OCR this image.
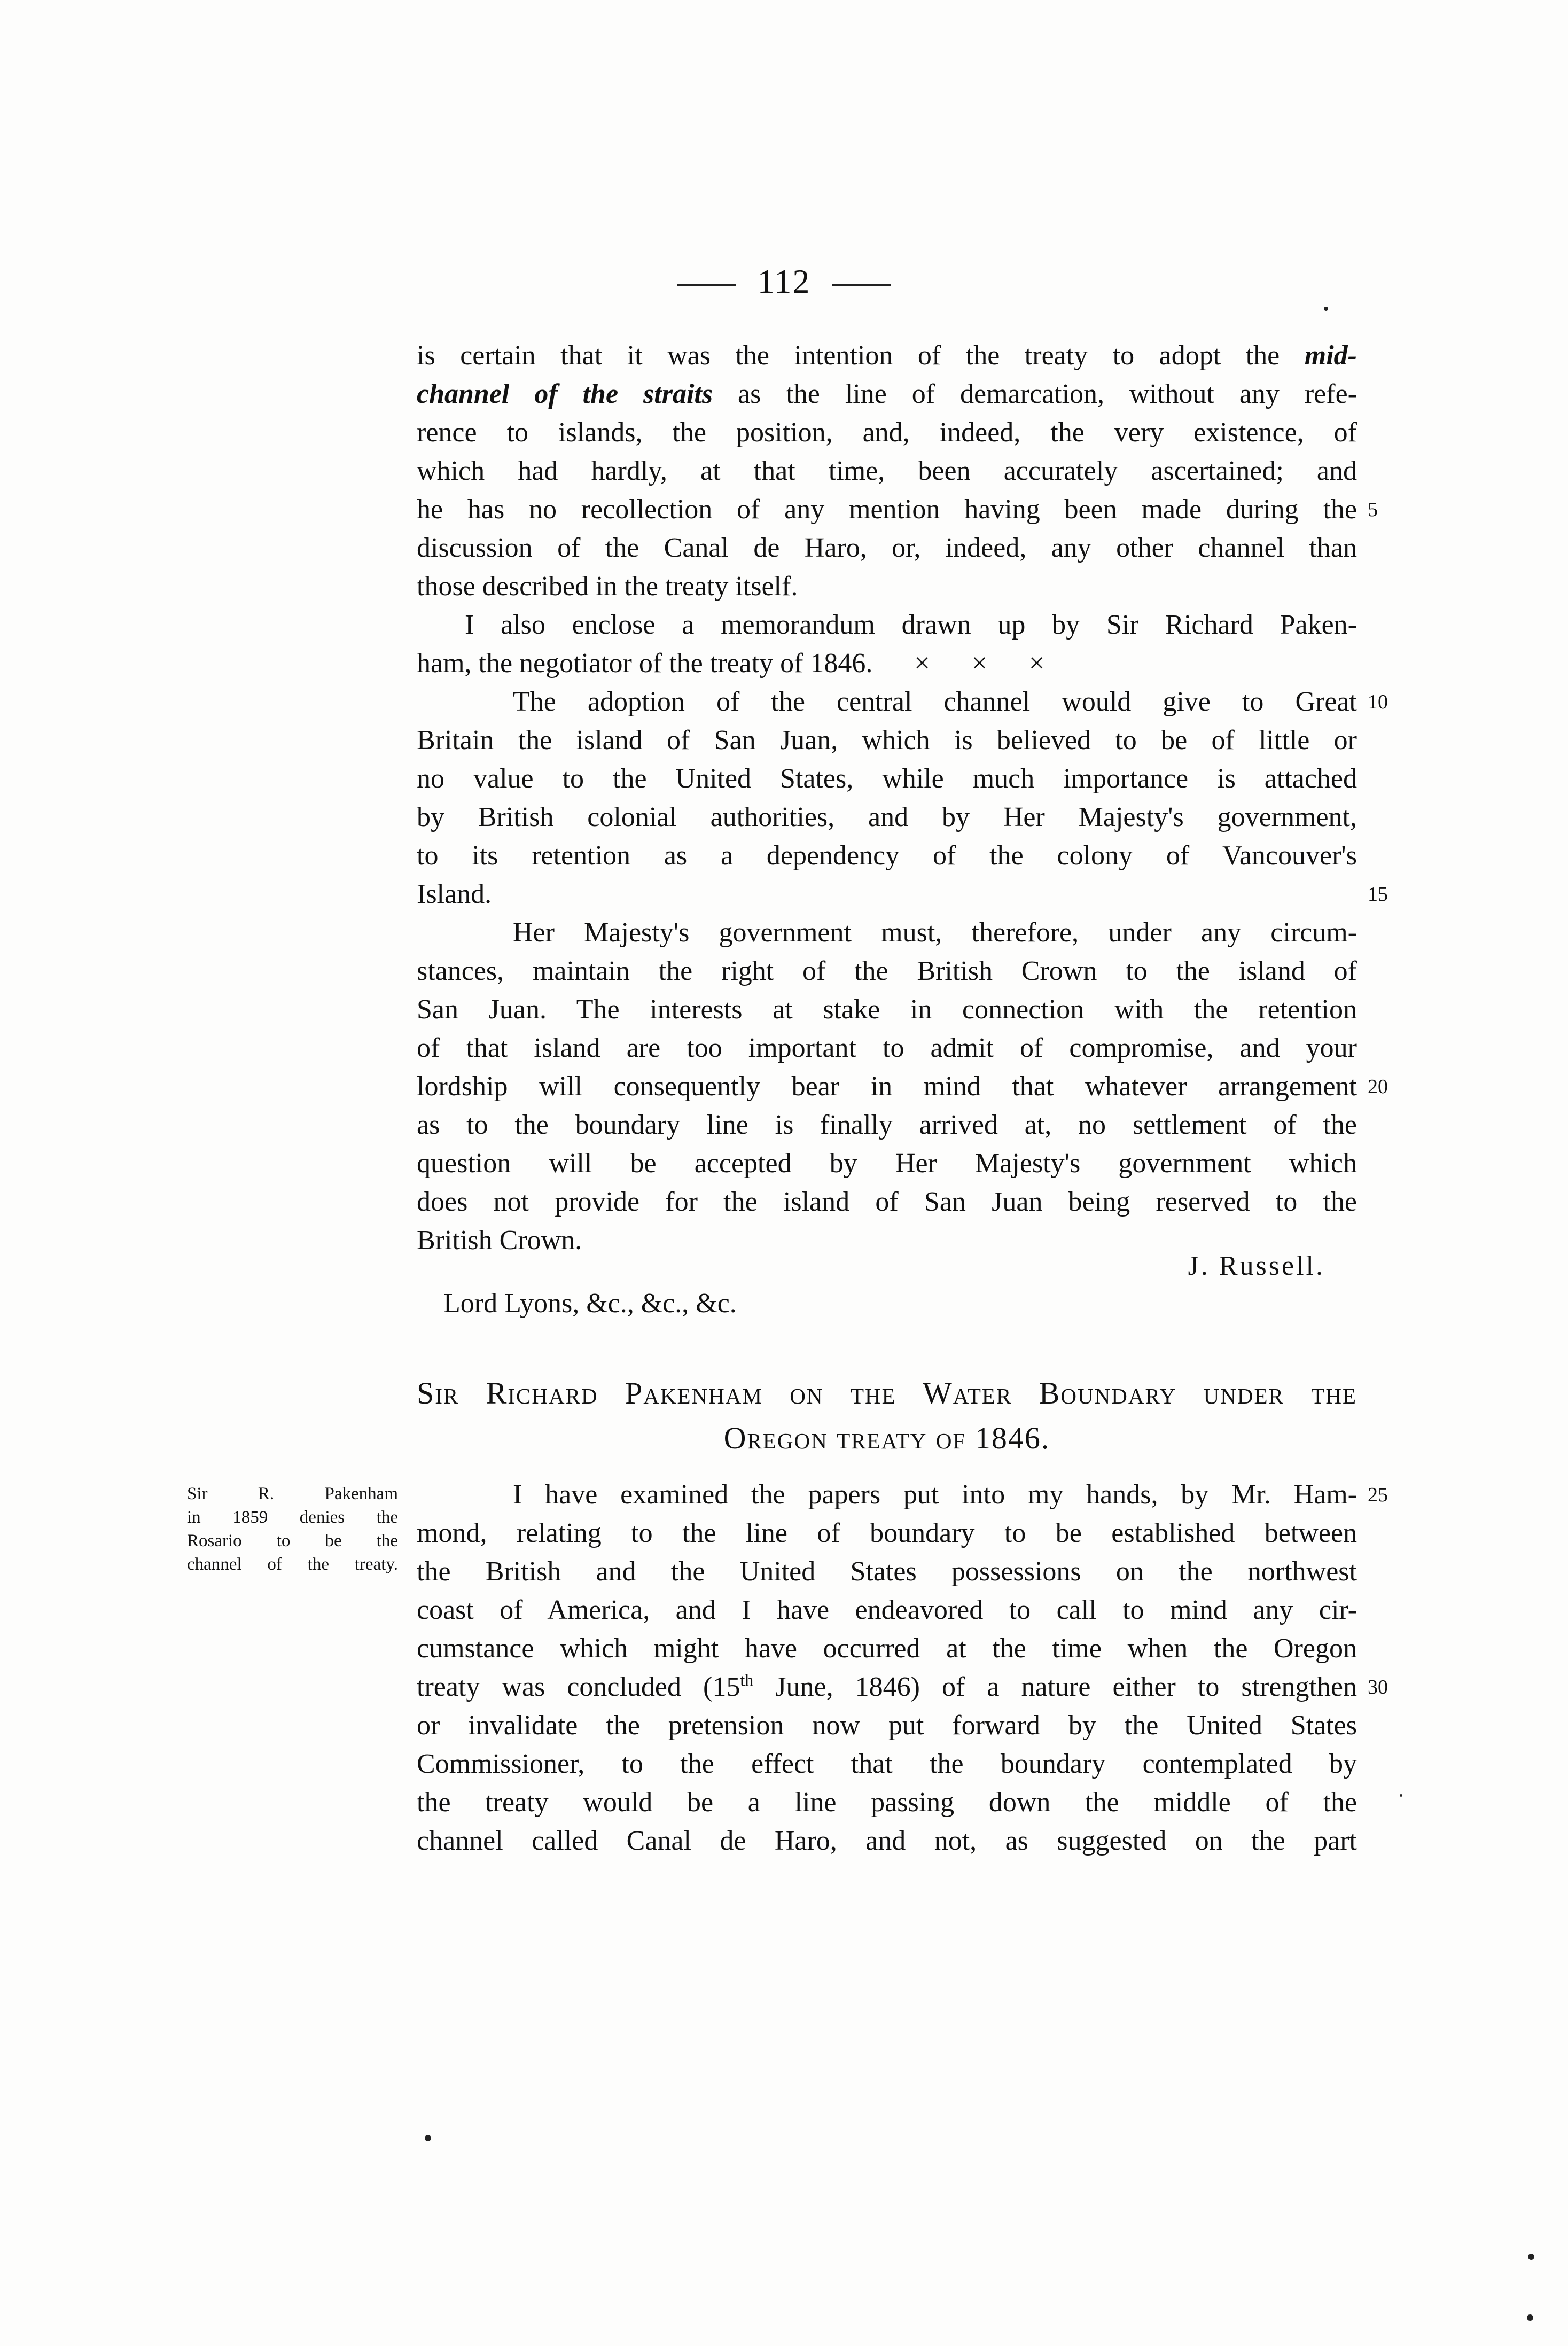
112
is certain that it was the intention of the treaty to adopt the mid-
channel of the straits as the line of demarcation, without any refe-
rence to islands, the position, and, indeed, the very existence, of
which had hardly, at that time, been accurately ascertained; and
he has no recollection of any mention having been made during the
discussion of the Canal de Haro, or, indeed, any other channel than
those described in the treaty itself.
5
I also enclose a memorandum drawn up by Sir Richard Paken-
ham, the negotiator of the treaty of 1846.      ×      ×      ×
The adoption of the central channel would give to Great
Britain the island of San Juan, which is believed to be of little or
no value to the United States, while much importance is attached
by British colonial authorities, and by Her Majesty's government,
to its retention as a dependency of the colony of Vancouver's
Island.
10
15
Her Majesty's government must, therefore, under any circum-
stances, maintain the right of the British Crown to the island of
San Juan. The interests at stake in connection with the retention
of that island are too important to admit of compromise, and your
lordship will consequently bear in mind that whatever arrangement
as to the boundary line is finally arrived at, no settlement of the
question will be accepted by Her Majesty's government which
does not provide for the island of San Juan being reserved to the
British Crown.
20
J. Russell.
Lord Lyons, &c., &c., &c.
Sir Richard Pakenham on the Water Boundary under the
Oregon treaty of 1846.
Sir R. Pakenham
in 1859 denies the
Rosario to be the
channel of the treaty.
I have examined the papers put into my hands, by Mr. Ham-
mond, relating to the line of boundary to be established between
the British and the United States possessions on the northwest
coast of America, and I have endeavored to call to mind any cir-
cumstance which might have occurred at the time when the Oregon
treaty was concluded (15th June, 1846) of a nature either to strengthen
or invalidate the pretension now put forward by the United States
Commissioner, to the effect that the boundary contemplated by
the treaty would be a line passing down the middle of the
channel called Canal de Haro, and not, as suggested on the part
25
30
